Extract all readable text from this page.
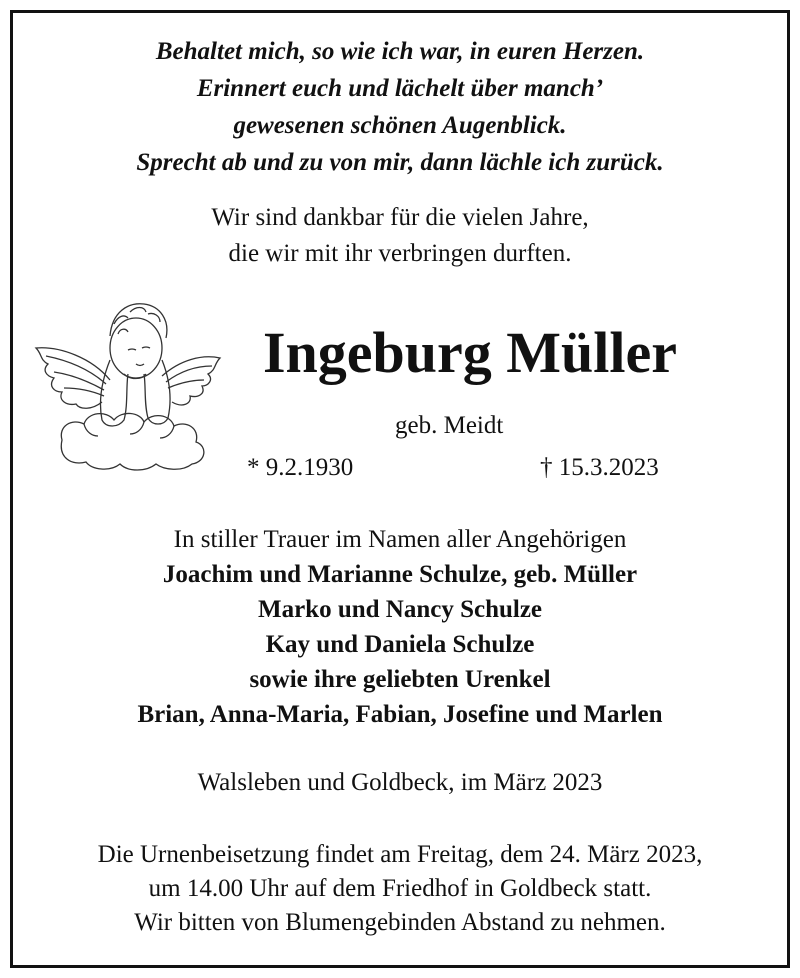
Behaltet mich, so wie ich war, in euren Herzen.
Erinnert euch und lächelt über manch’
gewesenen schönen Augenblick.
Sprecht ab und zu von mir, dann lächle ich zurück.
Wir sind dankbar für die vielen Jahre,
die wir mit ihr verbringen durften.
Ingeburg Müller
geb. Meidt
* 9.2.1930	† 15.3.2023
In stiller Trauer im Namen aller Angehörigen
Joachim und Marianne Schulze, geb. Müller
Marko und Nancy Schulze
Kay und Daniela Schulze
sowie ihre geliebten Urenkel
Brian, Anna-Maria, Fabian, Josefine und Marlen
Walsleben und Goldbeck, im März 2023
Die Urnenbeisetzung findet am Freitag, dem 24. März 2023,
um 14.00 Uhr auf dem Friedhof in Goldbeck statt.
Wir bitten von Blumengebinden Abstand zu nehmen.
